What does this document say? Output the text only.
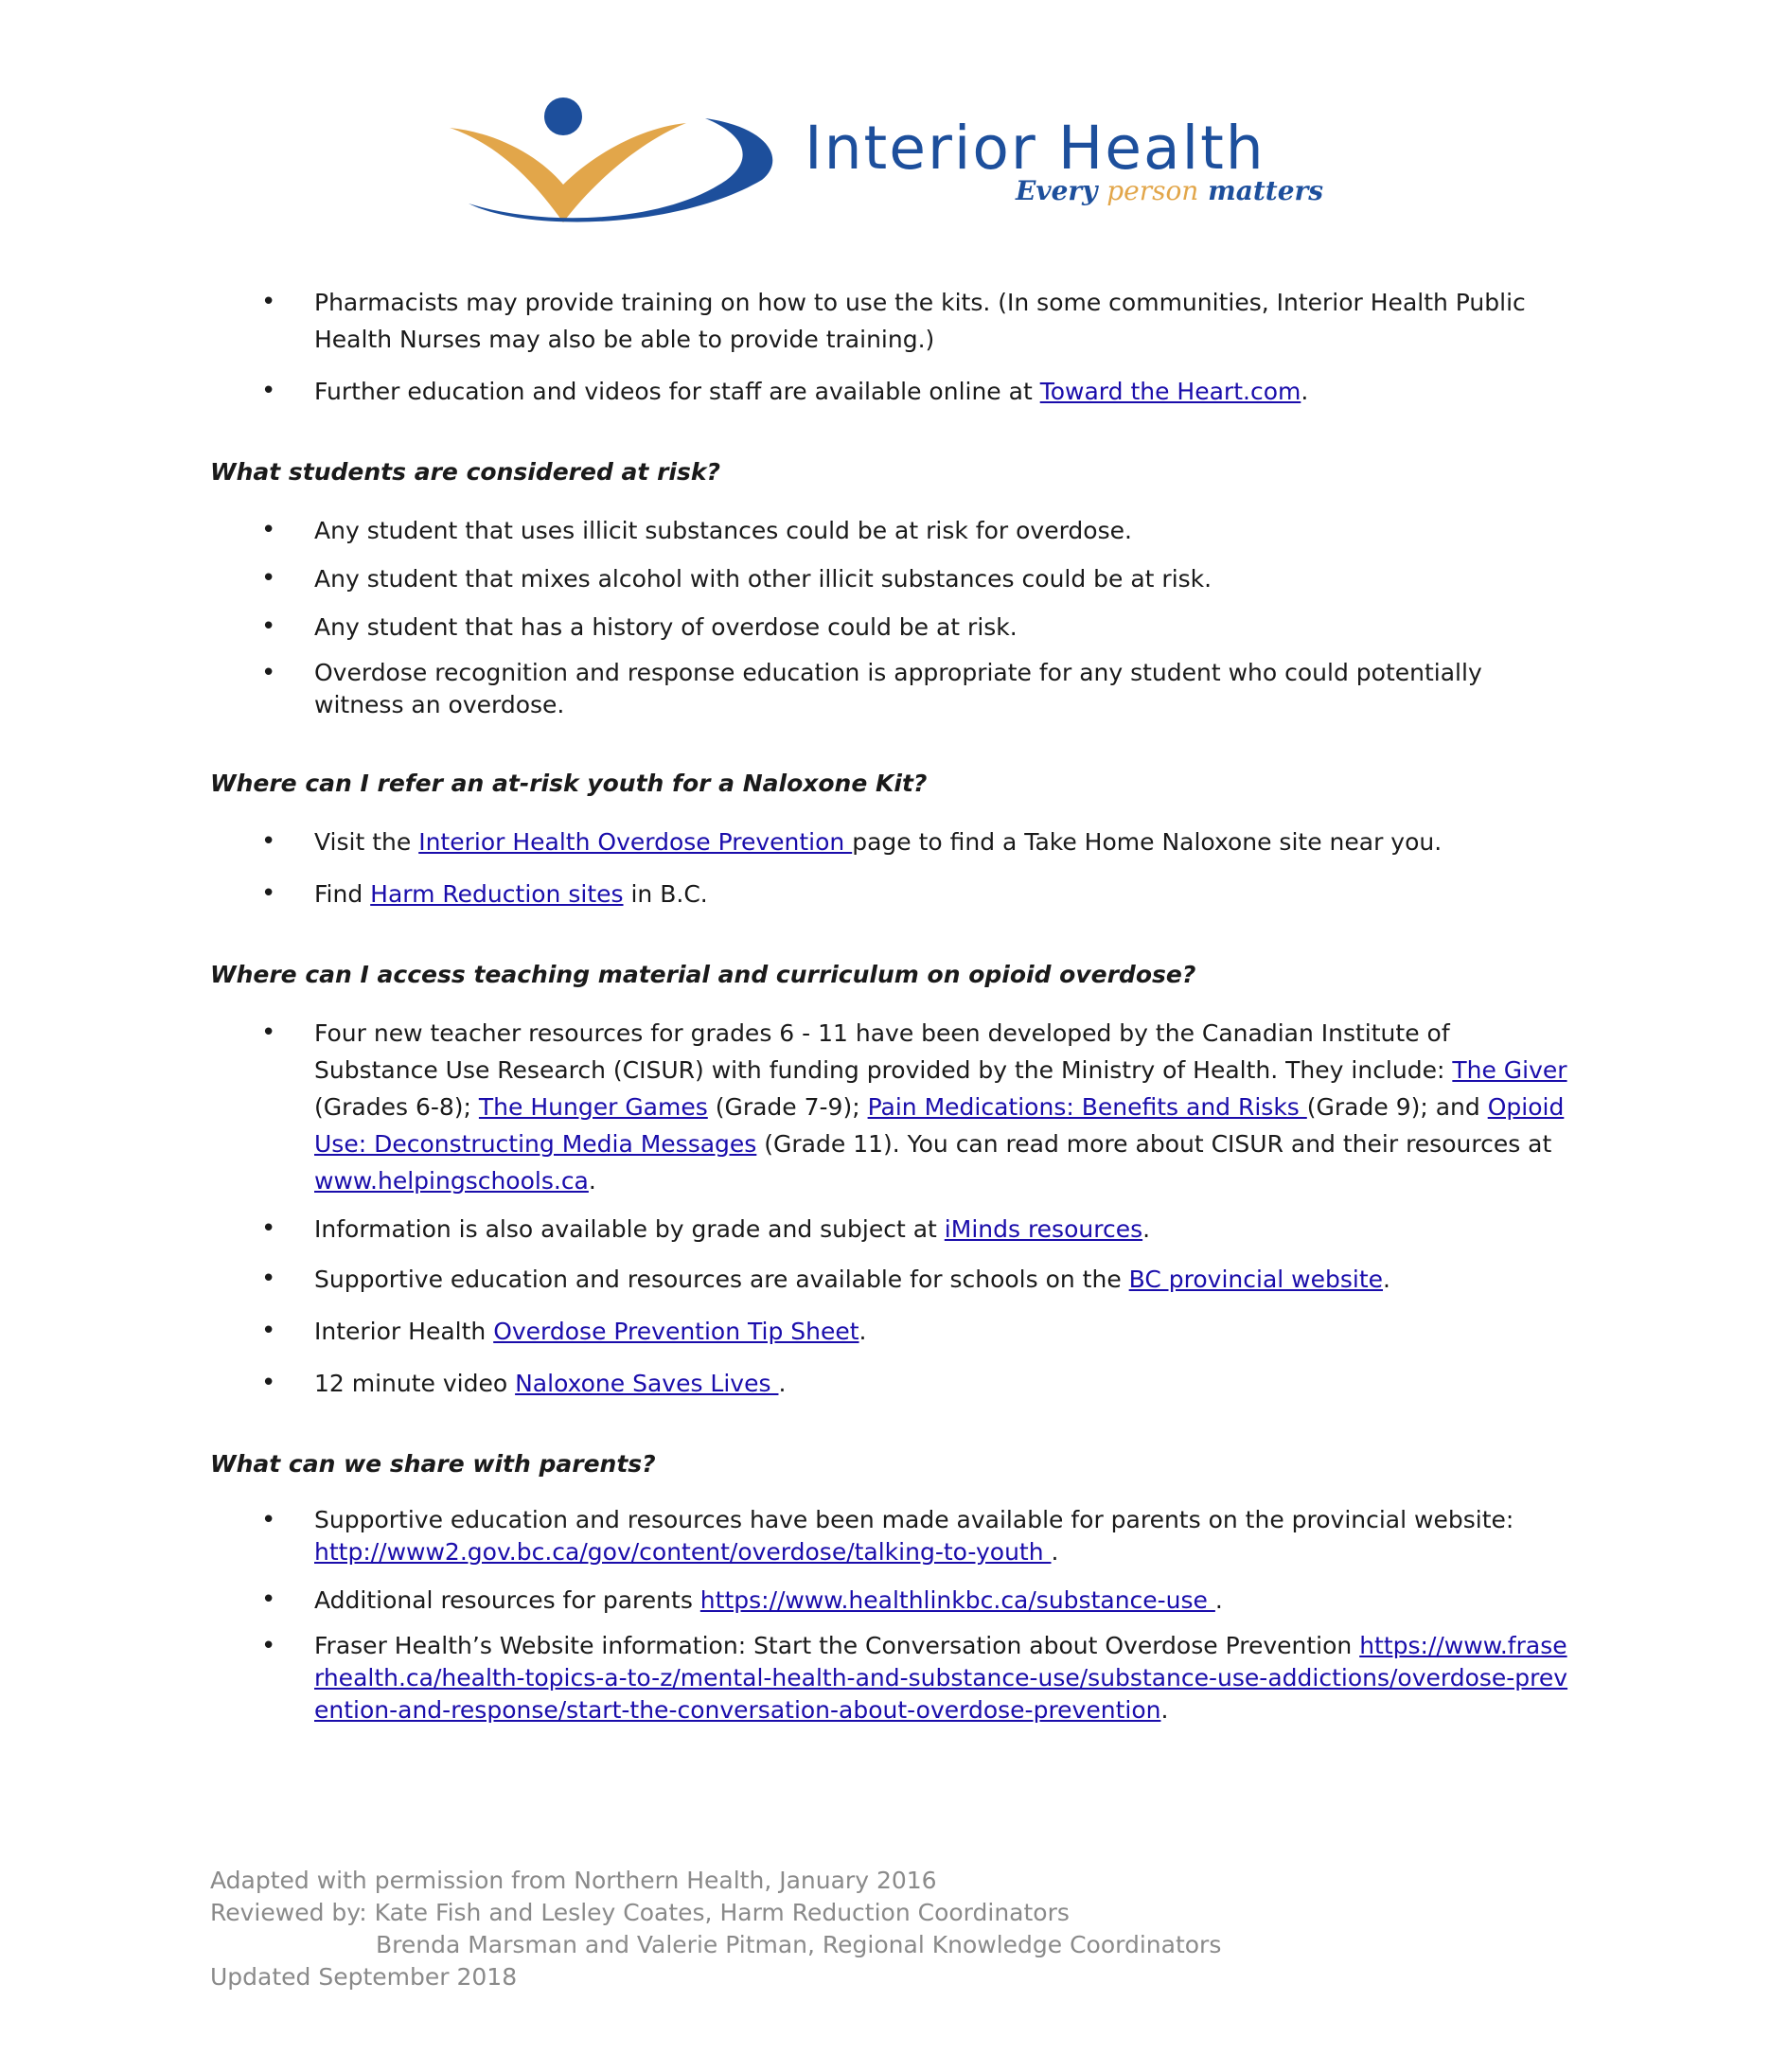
Interior Health
Every person matters
• Pharmacists may provide training on how to use the kits. (In some communities, Interior Health Public Health Nurses may also be able to provide training.)
• Further education and videos for staff are available online at Toward the Heart.com.

What students are considered at risk?

• Any student that uses illicit substances could be at risk for overdose.
• Any student that mixes alcohol with other illicit substances could be at risk.
• Any student that has a history of overdose could be at risk.
• Overdose recognition and response education is appropriate for any student who could potentially witness an overdose.

Where can I refer an at-risk youth for a Naloxone Kit?

• Visit the Interior Health Overdose Prevention page to find a Take Home Naloxone site near you.
• Find Harm Reduction sites in B.C.

Where can I access teaching material and curriculum on opioid overdose?

• Four new teacher resources for grades 6 - 11 have been developed by the Canadian Institute of Substance Use Research (CISUR) with funding provided by the Ministry of Health. They include: The Giver (Grades 6-8); The Hunger Games (Grade 7-9); Pain Medications: Benefits and Risks (Grade 9); and Opioid Use: Deconstructing Media Messages (Grade 11). You can read more about CISUR and their resources at www.helpingschools.ca.
• Information is also available by grade and subject at iMinds resources.
• Supportive education and resources are available for schools on the BC provincial website.
• Interior Health Overdose Prevention Tip Sheet.
• 12 minute video Naloxone Saves Lives .

What can we share with parents?

• Supportive education and resources have been made available for parents on the provincial website: http://www2.gov.bc.ca/gov/content/overdose/talking-to-youth .
• Additional resources for parents https://www.healthlinkbc.ca/substance-use .
• Fraser Health’s Website information: Start the Conversation about Overdose Prevention https://www.fraserhealth.ca/health-topics-a-to-z/mental-health-and-substance-use/substance-use-addictions/overdose-prevention-and-response/start-the-conversation-about-overdose-prevention.
Adapted with permission from Northern Health, January 2016
Reviewed by: Kate Fish and Lesley Coates, Harm Reduction Coordinators
Brenda Marsman and Valerie Pitman, Regional Knowledge Coordinators
Updated September 2018
